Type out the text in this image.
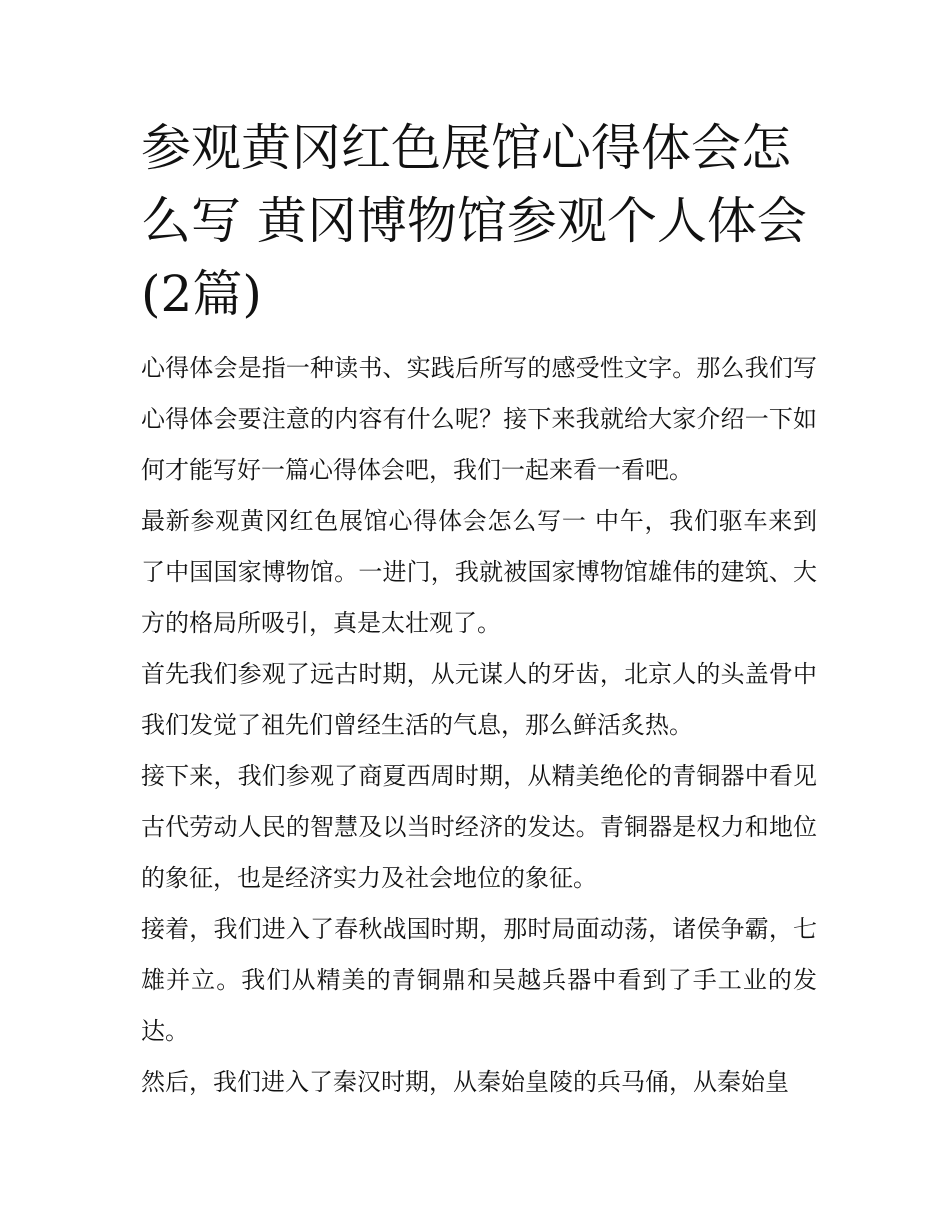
参观黄冈红色展馆心得体会怎么写 黄冈博物馆参观个人体会(2篇)

心得体会是指一种读书、实践后所写的感受性文字。那么我们写心得体会要注意的内容有什么呢？接下来我就给大家介绍一下如何才能写好一篇心得体会吧，我们一起来看一看吧。

最新参观黄冈红色展馆心得体会怎么写一 中午，我们驱车来到了中国国家博物馆。一进门，我就被国家博物馆雄伟的建筑、大方的格局所吸引，真是太壮观了。

首先我们参观了远古时期，从元谋人的牙齿，北京人的头盖骨中我们发觉了祖先们曾经生活的气息，那么鲜活炙热。

接下来，我们参观了商夏西周时期，从精美绝伦的青铜器中看见古代劳动人民的智慧及以当时经济的发达。青铜器是权力和地位的象征，也是经济实力及社会地位的象征。

接着，我们进入了春秋战国时期，那时局面动荡，诸侯争霸，七雄并立。我们从精美的青铜鼎和吴越兵器中看到了手工业的发达。

然后，我们进入了秦汉时期，从秦始皇陵的兵马俑，从秦始皇
